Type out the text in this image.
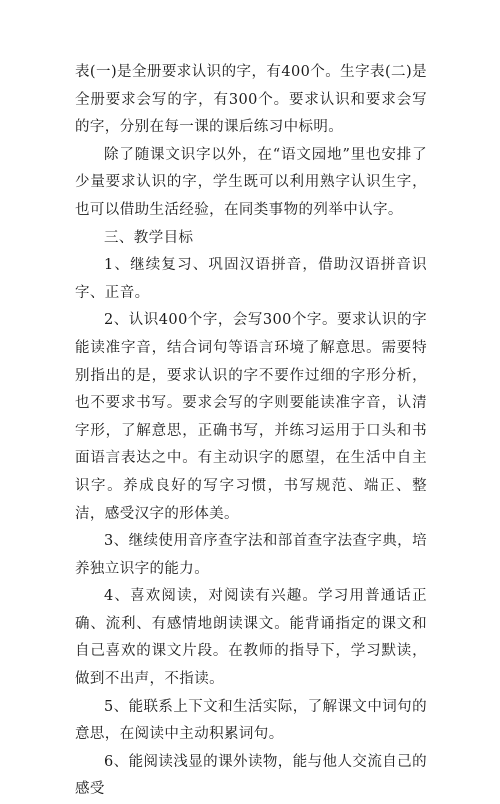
表(一)是全册要求认识的字，有400个。生字表(二)是全册要求会写的字，有300个。要求认识和要求会写的字，分别在每一课的课后练习中标明。

除了随课文识字以外，在“语文园地”里也安排了少量要求认识的字，学生既可以利用熟字认识生字，也可以借助生活经验，在同类事物的列举中认字。

三、教学目标

1、继续复习、巩固汉语拼音，借助汉语拼音识字、正音。

2、认识400个字，会写300个字。要求认识的字能读准字音，结合词句等语言环境了解意思。需要特别指出的是，要求认识的字不要作过细的字形分析，也不要求书写。要求会写的字则要能读准字音，认清字形，了解意思，正确书写，并练习运用于口头和书面语言表达之中。有主动识字的愿望，在生活中自主识字。养成良好的写字习惯，书写规范、端正、整洁，感受汉字的形体美。

3、继续使用音序查字法和部首查字法查字典，培养独立识字的能力。

4、喜欢阅读，对阅读有兴趣。学习用普通话正确、流利、有感情地朗读课文。能背诵指定的课文和自己喜欢的课文片段。在教师的指导下，学习默读，做到不出声，不指读。

5、能联系上下文和生活实际，了解课文中词句的意思，在阅读中主动积累词句。

6、能阅读浅显的课外读物，能与他人交流自己的感受
